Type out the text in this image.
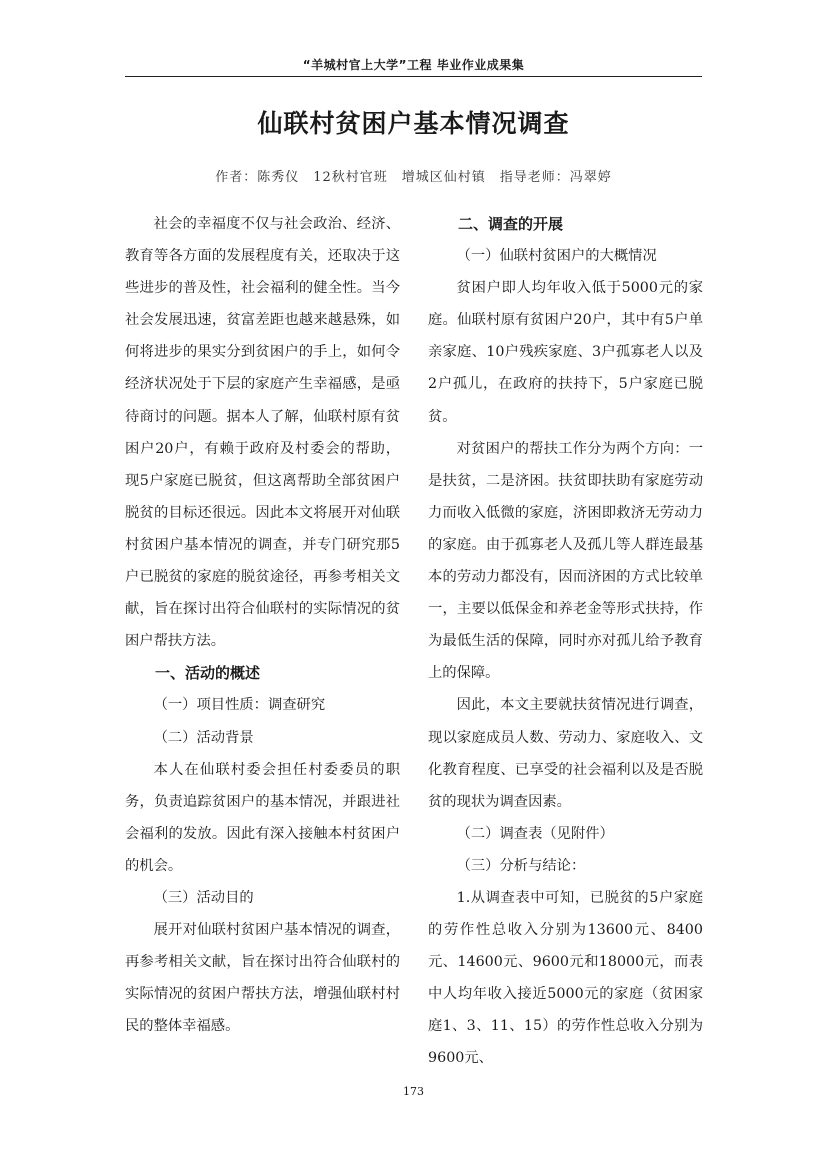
“羊城村官上大学”工程 毕业作业成果集
仙联村贫困户基本情况调查
作者：陈秀仪　12秋村官班　增城区仙村镇　指导老师：冯翠婷

社会的幸福度不仅与社会政治、经济、教育等各方面的发展程度有关，还取决于这些进步的普及性，社会福利的健全性。当今社会发展迅速，贫富差距也越来越悬殊，如何将进步的果实分到贫困户的手上，如何令经济状况处于下层的家庭产生幸福感，是亟待商讨的问题。据本人了解，仙联村原有贫困户20户，有赖于政府及村委会的帮助，现5户家庭已脱贫，但这离帮助全部贫困户脱贫的目标还很远。因此本文将展开对仙联村贫困户基本情况的调查，并专门研究那5户已脱贫的家庭的脱贫途径，再参考相关文献，旨在探讨出符合仙联村的实际情况的贫困户帮扶方法。

一、活动的概述

（一）项目性质：调查研究

（二）活动背景

本人在仙联村委会担任村委委员的职务，负责追踪贫困户的基本情况，并跟进社会福利的发放。因此有深入接触本村贫困户的机会。

（三）活动目的

展开对仙联村贫困户基本情况的调查，再参考相关文献，旨在探讨出符合仙联村的实际情况的贫困户帮扶方法，增强仙联村村民的整体幸福感。

二、调查的开展

（一）仙联村贫困户的大概情况

贫困户即人均年收入低于5000元的家庭。仙联村原有贫困户20户，其中有5户单亲家庭、10户残疾家庭、3户孤寡老人以及2户孤儿，在政府的扶持下，5户家庭已脱贫。

对贫困户的帮扶工作分为两个方向：一是扶贫，二是济困。扶贫即扶助有家庭劳动力而收入低微的家庭，济困即救济无劳动力的家庭。由于孤寡老人及孤儿等人群连最基本的劳动力都没有，因而济困的方式比较单一，主要以低保金和养老金等形式扶持，作为最低生活的保障，同时亦对孤儿给予教育上的保障。

因此，本文主要就扶贫情况进行调查，现以家庭成员人数、劳动力、家庭收入、文化教育程度、已享受的社会福利以及是否脱贫的现状为调查因素。

（二）调查表（见附件）

（三）分析与结论：

1.从调查表中可知，已脱贫的5户家庭的劳作性总收入分别为13600元、8400元、14600元、9600元和18000元，而表中人均年收入接近5000元的家庭（贫困家庭1、3、11、15）的劳作性总收入分别为9600元、

173
